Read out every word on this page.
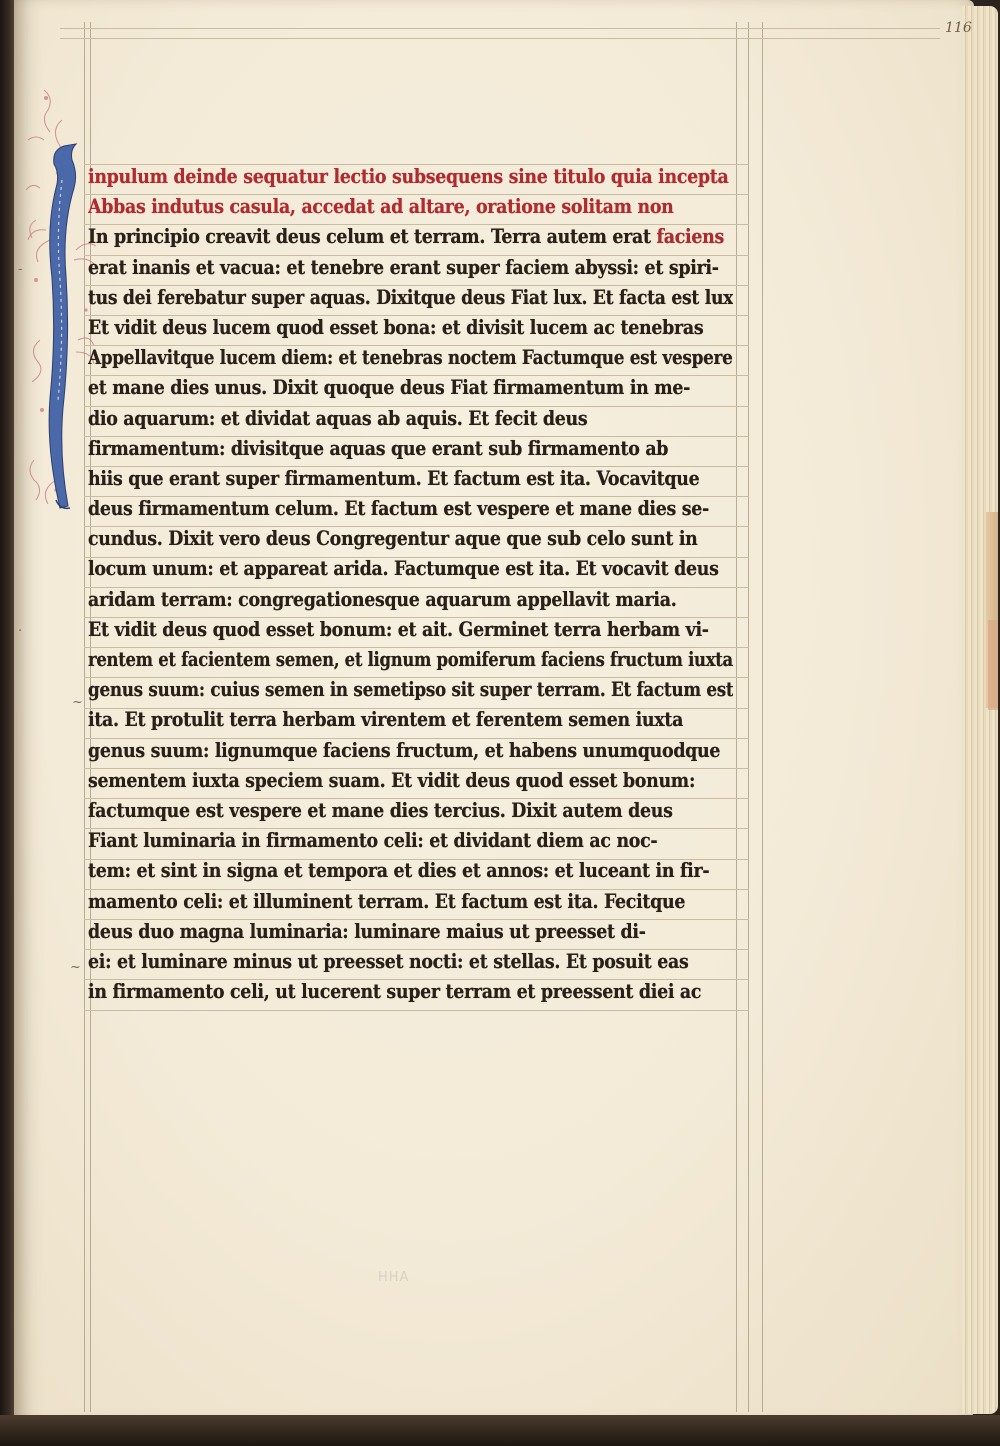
116
HHA
-
.
~
~
inpulum deinde sequatur lectio subsequens sine titulo quia incepta
Abbas indutus casula, accedat ad altare, oratione solitam non
In principio creavit deus celum et terram. Terra autem erat faciens
erat inanis et vacua: et tenebre erant super faciem abyssi: et spiri-
tus dei ferebatur super aquas. Dixitque deus Fiat lux. Et facta est lux
Et vidit deus lucem quod esset bona: et divisit lucem ac tenebras
Appellavitque lucem diem: et tenebras noctem Factumque est vespere
et mane dies unus. Dixit quoque deus Fiat firmamentum in me-
dio aquarum: et dividat aquas ab aquis. Et fecit deus
firmamentum: divisitque aquas que erant sub firmamento ab
hiis que erant super firmamentum. Et factum est ita. Vocavitque
deus firmamentum celum. Et factum est vespere et mane dies se-
cundus. Dixit vero deus Congregentur aque que sub celo sunt in
locum unum: et appareat arida. Factumque est ita. Et vocavit deus
aridam terram: congregationesque aquarum appellavit maria.
Et vidit deus quod esset bonum: et ait. Germinet terra herbam vi-
rentem et facientem semen, et lignum pomiferum faciens fructum iuxta
genus suum: cuius semen in semetipso sit super terram. Et factum est
ita. Et protulit terra herbam virentem et ferentem semen iuxta
genus suum: lignumque faciens fructum, et habens unumquodque
sementem iuxta speciem suam. Et vidit deus quod esset bonum:
factumque est vespere et mane dies tercius. Dixit autem deus
Fiant luminaria in firmamento celi: et dividant diem ac noc-
tem: et sint in signa et tempora et dies et annos: et luceant in fir-
mamento celi: et illuminent terram. Et factum est ita. Fecitque
deus duo magna luminaria: luminare maius ut preesset di-
ei: et luminare minus ut preesset nocti: et stellas. Et posuit eas
in firmamento celi, ut lucerent super terram et preessent diei ac
